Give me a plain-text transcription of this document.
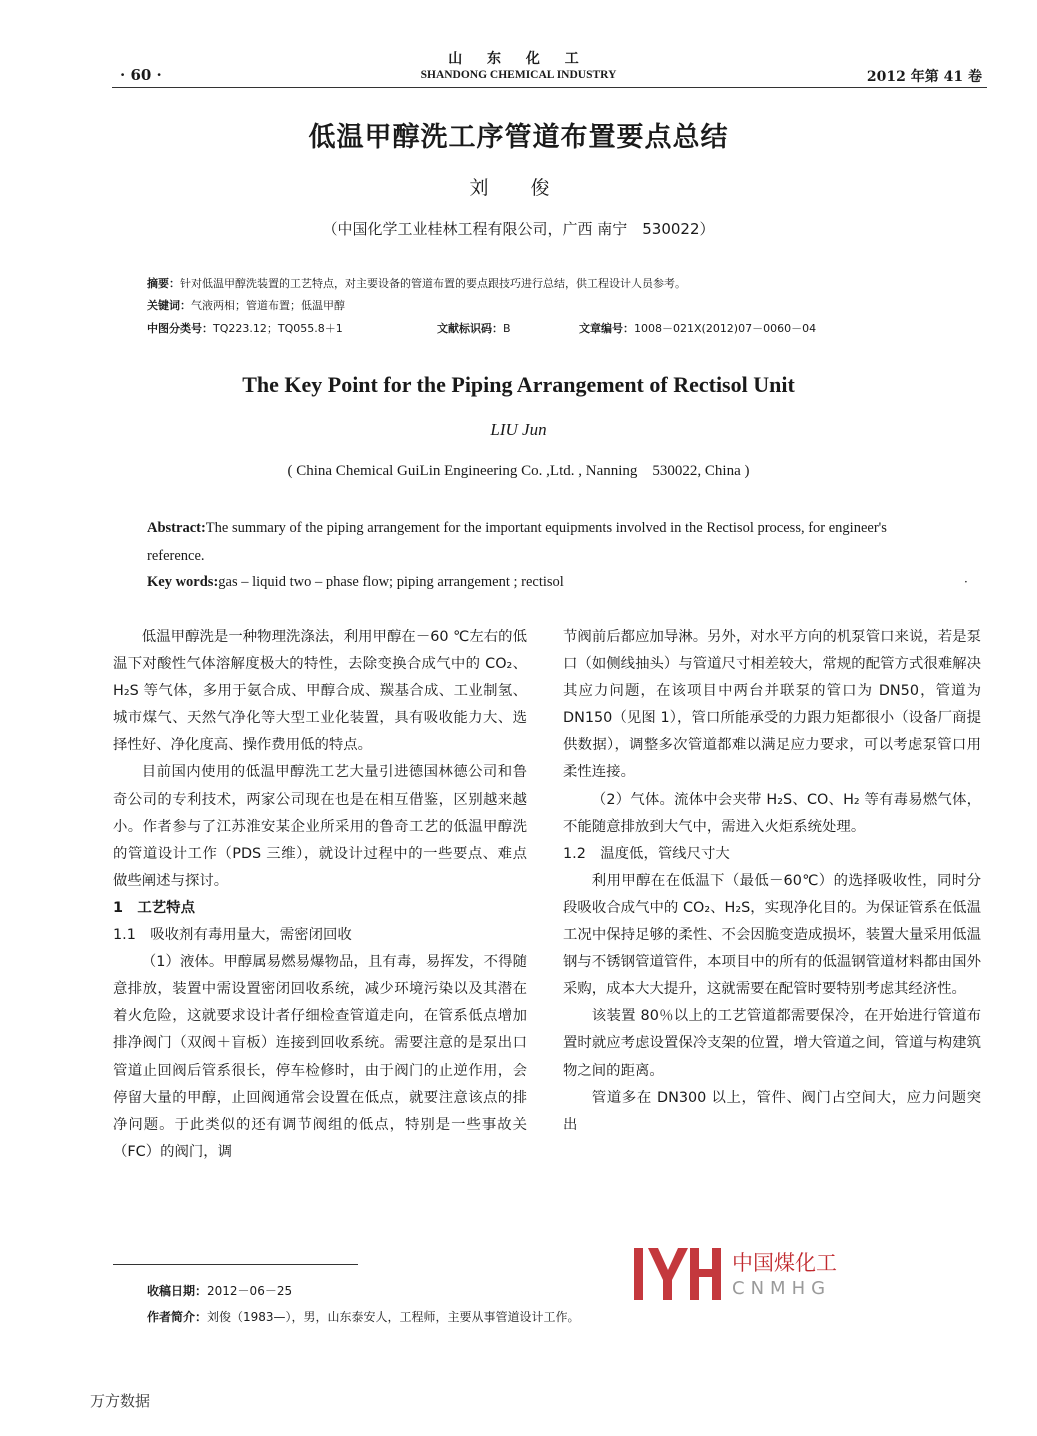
· 60 ·
山 东 化 工
SHANDONG CHEMICAL INDUSTRY	2012 年第 41 卷
低温甲醇洗工序管道布置要点总结
刘 俊
（中国化学工业桂林工程有限公司，广西 南宁　530022）
摘要：针对低温甲醇洗装置的工艺特点，对主要设备的管道布置的要点跟技巧进行总结，供工程设计人员参考。
关键词：气液两相；管道布置；低温甲醇
中图分类号：TQ223.12；TQ055.8＋1	文献标识码：B	文章编号：1008－021X(2012)07－0060－04
The Key Point for the Piping Arrangement of Rectisol Unit
LIU Jun
( China Chemical GuiLin Engineering Co. ,Ltd. , Nanning　530022, China )
Abstract:The summary of the piping arrangement for the important equipments involved in the Rectisol process, for engineer's reference.
Key words:gas – liquid two – phase flow; piping arrangement ; rectisol	·

低温甲醇洗是一种物理洗涤法，利用甲醇在－60 ℃左右的低温下对酸性气体溶解度极大的特性，去除变换合成气中的 CO₂、H₂S 等气体，多用于氨合成、甲醇合成、羰基合成、工业制氢、城市煤气、天然气净化等大型工业化装置，具有吸收能力大、选择性好、净化度高、操作费用低的特点。

目前国内使用的低温甲醇洗工艺大量引进德国林德公司和鲁奇公司的专利技术，两家公司现在也是在相互借鉴，区别越来越小。作者参与了江苏淮安某企业所采用的鲁奇工艺的低温甲醇洗的管道设计工作（PDS 三维），就设计过程中的一些要点、难点做些阐述与探讨。

1　工艺特点

1.1　吸收剂有毒用量大，需密闭回收

（1）液体。甲醇属易燃易爆物品，且有毒，易挥发，不得随意排放，装置中需设置密闭回收系统，减少环境污染以及其潜在着火危险，这就要求设计者仔细检查管道走向，在管系低点增加排净阀门（双阀＋盲板）连接到回收系统。需要注意的是泵出口管道止回阀后管系很长，停车检修时，由于阀门的止逆作用，会停留大量的甲醇，止回阀通常会设置在低点，就要注意该点的排净问题。于此类似的还有调节阀组的低点，特别是一些事故关（FC）的阀门，调

节阀前后都应加导淋。另外，对水平方向的机泵管口来说，若是泵口（如侧线抽头）与管道尺寸相差较大，常规的配管方式很难解决其应力问题，在该项目中两台并联泵的管口为 DN50，管道为 DN150（见图 1），管口所能承受的力跟力矩都很小（设备厂商提供数据），调整多次管道都难以满足应力要求，可以考虑泵管口用柔性连接。

（2）气体。流体中会夹带 H₂S、CO、H₂ 等有毒易燃气体，不能随意排放到大气中，需进入火炬系统处理。

1.2　温度低，管线尺寸大

利用甲醇在在低温下（最低－60℃）的选择吸收性，同时分段吸收合成气中的 CO₂、H₂S，实现净化目的。为保证管系在低温工况中保持足够的柔性、不会因脆变造成损坏，装置大量采用低温钢与不锈钢管道管件，本项目中的所有的低温钢管道材料都由国外采购，成本大大提升，这就需要在配管时要特别考虑其经济性。

该装置 80％以上的工艺管道都需要保冷，在开始进行管道布置时就应考虑设置保冷支架的位置，增大管道之间，管道与构建筑物之间的距离。

管道多在 DN300 以上，管件、阀门占空间大，应力问题突出

中国煤化工
CNMHG
收稿日期：2012－06－25
作者简介：刘俊（1983—），男，山东泰安人，工程师，主要从事管道设计工作。
万方数据
